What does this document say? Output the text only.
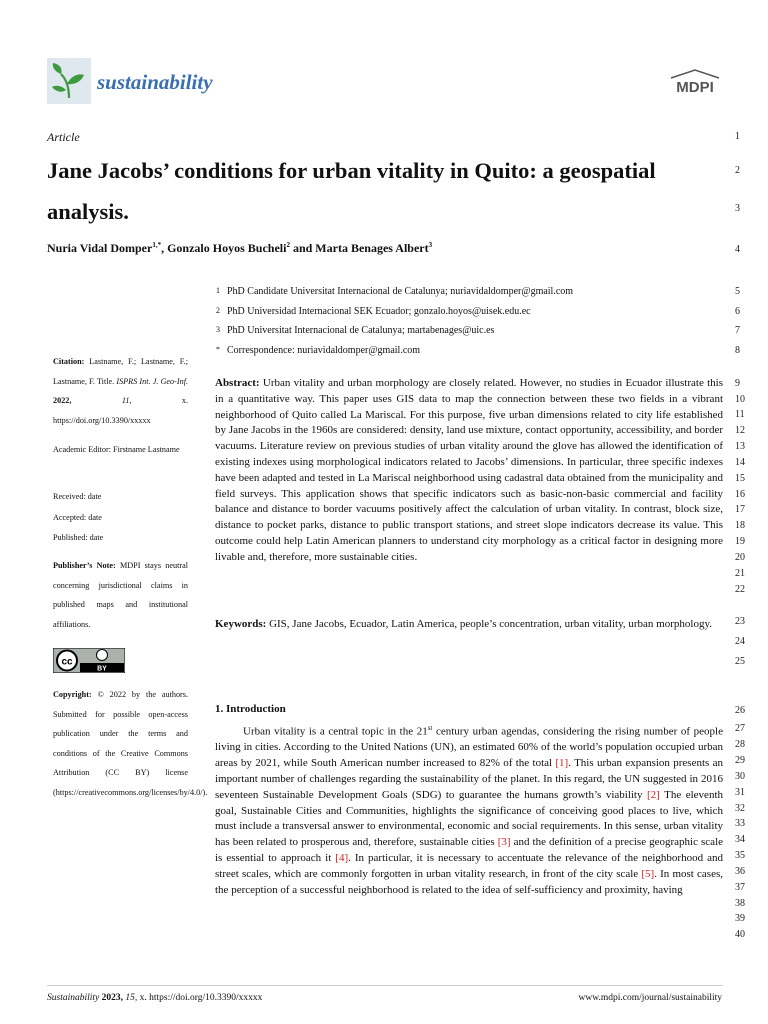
sustainability	MDPI
Article
Jane Jacobs’ conditions for urban vitality in Quito: a geospatial analysis.
Nuria Vidal Domper$^{1,*}$, Gonzalo Hoyos Bucheli$^2$ and Marta Benages Albert$^3$
1 PhD Candidate Universitat Internacional de Catalunya; nuriavidaldomper@gmail.com
2 PhD Universidad Internacional SEK Ecuador; gonzalo.hoyos@uisek.edu.ec
3 PhD Universitat Internacional de Catalunya; martabenages@uic.es
* Correspondence: nuriavidaldomper@gmail.com
Citation: Lastname, F.; Lastname, F.; Lastname, F. Title. ISPRS Int. J. Geo-Inf. 2022,	11,	x. https://doi.org/10.3390/xxxxx
Academic Editor: Firstname Lastname
Received: date
Accepted: date
Published: date
Publisher’s Note: MDPI stays neutral concerning jurisdictional claims in published maps and institutional affiliations.
cc
BY
Copyright: © 2022 by the authors. Submitted for possible open-access publication under the terms and conditions of the Creative Commons Attribution (CC BY) license (https://creativecommons.org/licenses/by/4.0/).
Abstract: Urban vitality and urban morphology are closely related. However, no studies in Ecuador illustrate this in a quantitative way. This paper uses GIS data to map the connection between these two fields in a vibrant neighborhood of Quito called La Mariscal. For this purpose, five urban dimensions related to city life established by Jane Jacobs in the 1960s are considered: density, land use mixture, contact opportunity, accessibility, and border vacuums. Literature review on previous studies of urban vitality around the glove has allowed the identification of existing indexes using morphological indicators related to Jacobs’ dimensions. In particular, three specific indexes have been adapted and tested in La Mariscal neighborhood using cadastral data obtained from the municipality and field surveys. This application shows that specific indicators such as basic-non-basic commercial and facility balance and distance to border vacuums positively affect the calculation of urban vitality. In contrast, block size, distance to pocket parks, distance to public transport stations, and street slope indicators decrease its value. This outcome could help Latin American planners to understand city morphology as a critical factor in designing more livable and, therefore, more sustainable cities.
Keywords: GIS, Jane Jacobs, Ecuador, Latin America, people’s concentration, urban vitality, urban morphology.
1. Introduction
Urban vitality is a central topic in the 21st century urban agendas, considering the rising number of people living in cities. According to the United Nations (UN), an estimated 60% of the world’s population occupied urban areas by 2021, while South American number increased to 82% of the total [1]. This urban expansion presents an important number of challenges regarding the sustainability of the planet. In this regard, the UN suggested in 2016 seventeen Sustainable Development Goals (SDG) to guarantee the humans growth’s viability [2] The eleventh goal, Sustainable Cities and Communities, highlights the significance of conceiving good places to live, which must include a transversal answer to environmental, economic and social requirements. In this sense, urban vitality has been related to prosperous and, therefore, sustainable cities [3] and the definition of a precise geographic scale is essential to approach it [4]. In particular, it is necessary to accentuate the relevance of the neighborhood and street scales, which are commonly forgotten in urban vitality research, in front of the city scale [5]. In most cases, the perception of a successful neighborhood is related to the idea of self-sufficiency and proximity, having
1
2
3
4
5
6
7
8
9
10
11
12
13
14
15
16
17
18
19
20
21
22
23
24
25
26
27
28
29
30
31
32
33
34
35
36
37
38
39
40
Sustainability 2023, 15, x. https://doi.org/10.3390/xxxxx	www.mdpi.com/journal/sustainability
